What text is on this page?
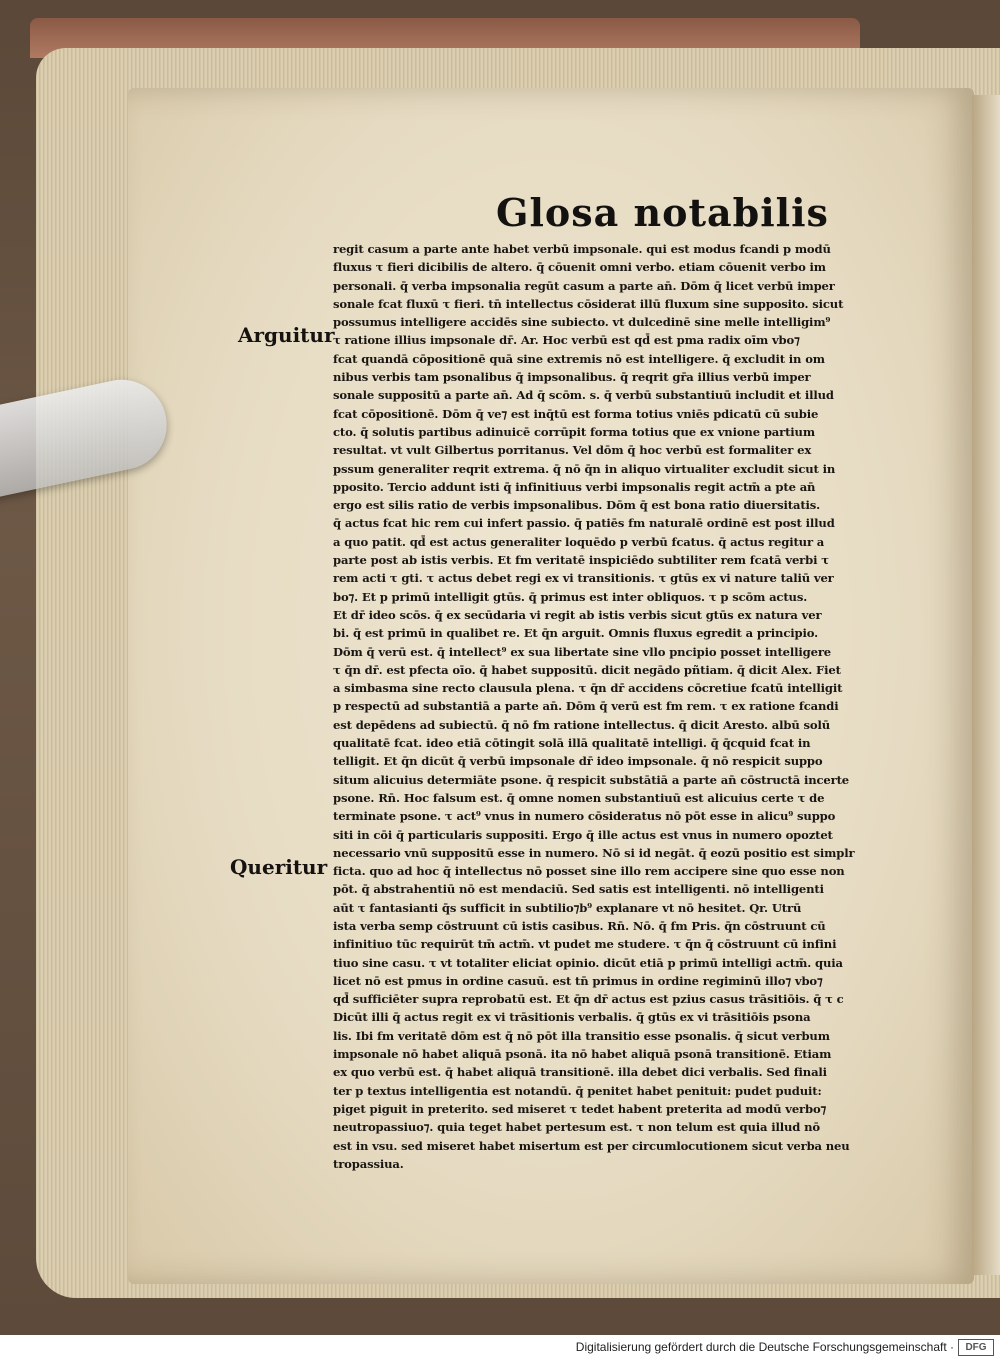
Glosa notabilis
Arguitur
Queritur
regit casum a parte ante habet verbū impsonale. qui est modus fcandi p modū
fluxus τ fieri dicibilis de altero. q̄ cōuenit omni verbo. etiam cōuenit verbo im
personali. q̄ verba impsonalia regūt casum a parte an̄. Dōm q̄ licet verbū imper
sonale fcat fluxū τ fieri. tn̄ intellectus cōsiderat illū fluxum sine supposito. sicut
possumus intelligere accidēs sine subiecto. vt dulcedinē sine melle intelligim⁹
τ ratione illius impsonale dr̄. Ar. Hoc verbū est qd̄ est pma radix oīm vbo⁊
fcat quandā cōpositionē quā sine extremis nō est intelligere. q̄ excludit in om
nibus verbis tam psonalibus q̄ impsonalibus. q̄ reqrit gr̄a illius verbū imper
sonale suppositū a parte an̄. Ad q̄ scōm. s. q̄ verbū substantiuū includit et illud
fcat cōpositionē. Dōm q̄ ve⁊ est inq̄tū est forma totius vniēs pdicatū cū subie
cto. q̄ solutis partibus adinuicē corrūpit forma totius que ex vnione partium
resultat. vt vult Gilbertus porritanus. Vel dōm q̄ hoc verbū est formaliter ex
pssum generaliter reqrit extrema. q̄ nō q̄n in aliquo virtualiter excludit sicut in
pposito. Tercio addunt isti q̄ infinitiuus verbi impsonalis regit actm̄ a pte an̄
ergo est silis ratio de verbis impsonalibus. Dōm q̄ est bona ratio diuersitatis.
q̄ actus fcat hic rem cui infert passio. q̄ patiēs fm naturalē ordinē est post illud
a quo patit. qd̄ est actus generaliter loquēdo p verbū fcatus. q̄ actus regitur a
parte post ab istis verbis. Et fm veritatē inspiciēdo subtiliter rem fcatā verbi τ
rem acti τ gti. τ actus debet regi ex vi transitionis. τ gtūs ex vi nature taliū ver
bo⁊. Et p primū intelligit gtūs. q̄ primus est inter obliquos. τ p scōm actus.
Et dr̄ ideo scōs. q̄ ex secūdaria vi regit ab istis verbis sicut gtūs ex natura ver
bi. q̄ est primū in qualibet re. Et q̄n arguit. Omnis fluxus egredit a principio.
Dōm q̄ verū est. q̄ intellect⁹ ex sua libertate sine vllo pncipio posset intelligere
τ q̄n dr̄. est pfecta oīo. q̄ habet suppositū. dicit negādo pñtiam. q̄ dicit Alex. Fiet
a simbasma sine recto clausula plena. τ q̄n dr̄ accidens cōcretiue fcatū intelligit
p respectū ad substantiā a parte an̄. Dōm q̄ verū est fm rem. τ ex ratione fcandi
est depēdens ad subiectū. q̄ nō fm ratione intellectus. q̄ dicit Aresto. albū solū
qualitatē fcat. ideo etiā cōtingit solā illā qualitatē intelligi. q̄ q̄cquid fcat in
telligit. Et q̄n dicūt q̄ verbū impsonale dr̄ ideo impsonale. q̄ nō respicit suppo
situm alicuius determiāte psone. q̄ respicit substātiā a parte an̄ cōstructā incerte
psone. Rn̄. Hoc falsum est. q̄ omne nomen substantiuū est alicuius certe τ de
terminate psone. τ act⁹ vnus in numero cōsideratus nō pōt esse in alicu⁹ suppo
siti in cōi q̄ particularis suppositi. Ergo q̄ ille actus est vnus in numero opoztet
necessario vnū suppositū esse in numero. Nō si id negāt. q̄ eozū positio est simplr
ficta. quo ad hoc q̄ intellectus nō posset sine illo rem accipere sine quo esse non
pōt. q̄ abstrahentiū nō est mendaciū. Sed satis est intelligenti. nō intelligenti
aūt τ fantasianti q̄s sufficit in subtilio⁊b⁹ explanare vt nō hesitet. Qr. Utrū
ista verba semp cōstruunt cū istis casibus. Rn̄. Nō. q̄ fm Pris. q̄n cōstruunt cū
infinitiuo tūc requirūt tm̄ actm̄. vt pudet me studere. τ q̄n q̄ cōstruunt cū infini
tiuo sine casu. τ vt totaliter eliciat opinio. dicūt etiā p primū intelligi actm̄. quia
licet nō est pmus in ordine casuū. est tn̄ primus in ordine regiminū illo⁊ vbo⁊
qd̄ sufficiēter supra reprobatū est. Et q̄n dr̄ actus est pzius casus trāsitiōis. q̄ τ c
Dicūt illi q̄ actus regit ex vi trāsitionis verbalis. q̄ gtūs ex vi trāsitiōis psona
lis. Ibi fm veritatē dōm est q̄ nō pōt illa transitio esse psonalis. q̄ sicut verbum
impsonale nō habet aliquā psonā. ita nō habet aliquā psonā transitionē. Etiam
ex quo verbū est. q̄ habet aliquā transitionē. illa debet dici verbalis. Sed finali
ter p textus intelligentia est notandū. q̄ penitet habet penituit: pudet puduit:
piget piguit in preterito. sed miseret τ tedet habent preterita ad modū verbo⁊
neutropassiuo⁊. quia teget habet pertesum est. τ non telum est quia illud nō
est in vsu. sed miseret habet misertum est per circumlocutionem sicut verba neu
tropassiua.
Digitalisierung gefördert durch die Deutsche Forschungsgemeinschaft ·	DFG
